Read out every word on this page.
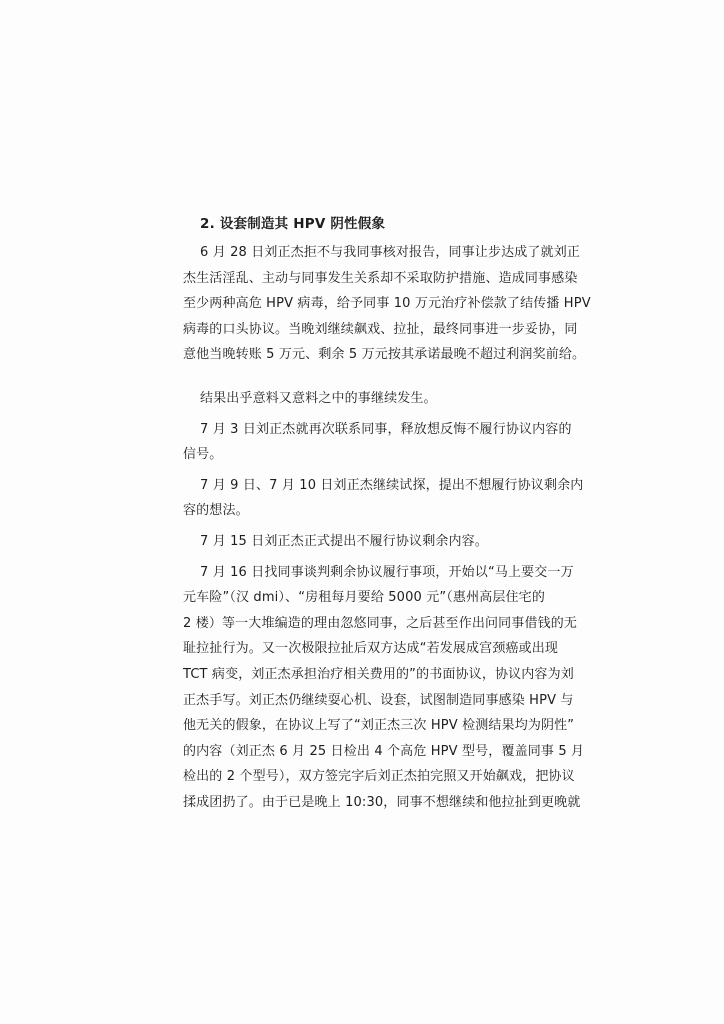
2. 设套制造其 HPV 阴性假象
6 月 28 日刘正杰拒不与我同事核对报告，同事让步达成了就刘正
杰生活淫乱、主动与同事发生关系却不采取防护措施、造成同事感染
至少两种高危 HPV 病毒，给予同事 10 万元治疗补偿款了结传播 HPV
病毒的口头协议。当晚刘继续飙戏、拉扯，最终同事进一步妥协，同
意他当晚转账 5 万元、剩余 5 万元按其承诺最晚不超过利润奖前给。
结果出乎意料又意料之中的事继续发生。
7 月 3 日刘正杰就再次联系同事，释放想反悔不履行协议内容的
信号。
7 月 9 日、7 月 10 日刘正杰继续试探，提出不想履行协议剩余内
容的想法。
7 月 15 日刘正杰正式提出不履行协议剩余内容。
7 月 16 日找同事谈判剩余协议履行事项，开始以“马上要交一万
元车险”（汉 dmi）、“房租每月要给 5000 元”（惠州高层住宅的
2 楼）等一大堆编造的理由忽悠同事，之后甚至作出问同事借钱的无
耻拉扯行为。又一次极限拉扯后双方达成“若发展成宫颈癌或出现
TCT 病变，刘正杰承担治疗相关费用的”的书面协议，协议内容为刘
正杰手写。刘正杰仍继续耍心机、设套，试图制造同事感染 HPV 与
他无关的假象，在协议上写了“刘正杰三次 HPV 检测结果均为阴性”
的内容（刘正杰 6 月 25 日检出 4 个高危 HPV 型号，覆盖同事 5 月
检出的 2 个型号），双方签完字后刘正杰拍完照又开始飙戏，把协议
揉成团扔了。由于已是晚上 10:30，同事不想继续和他拉扯到更晚就
